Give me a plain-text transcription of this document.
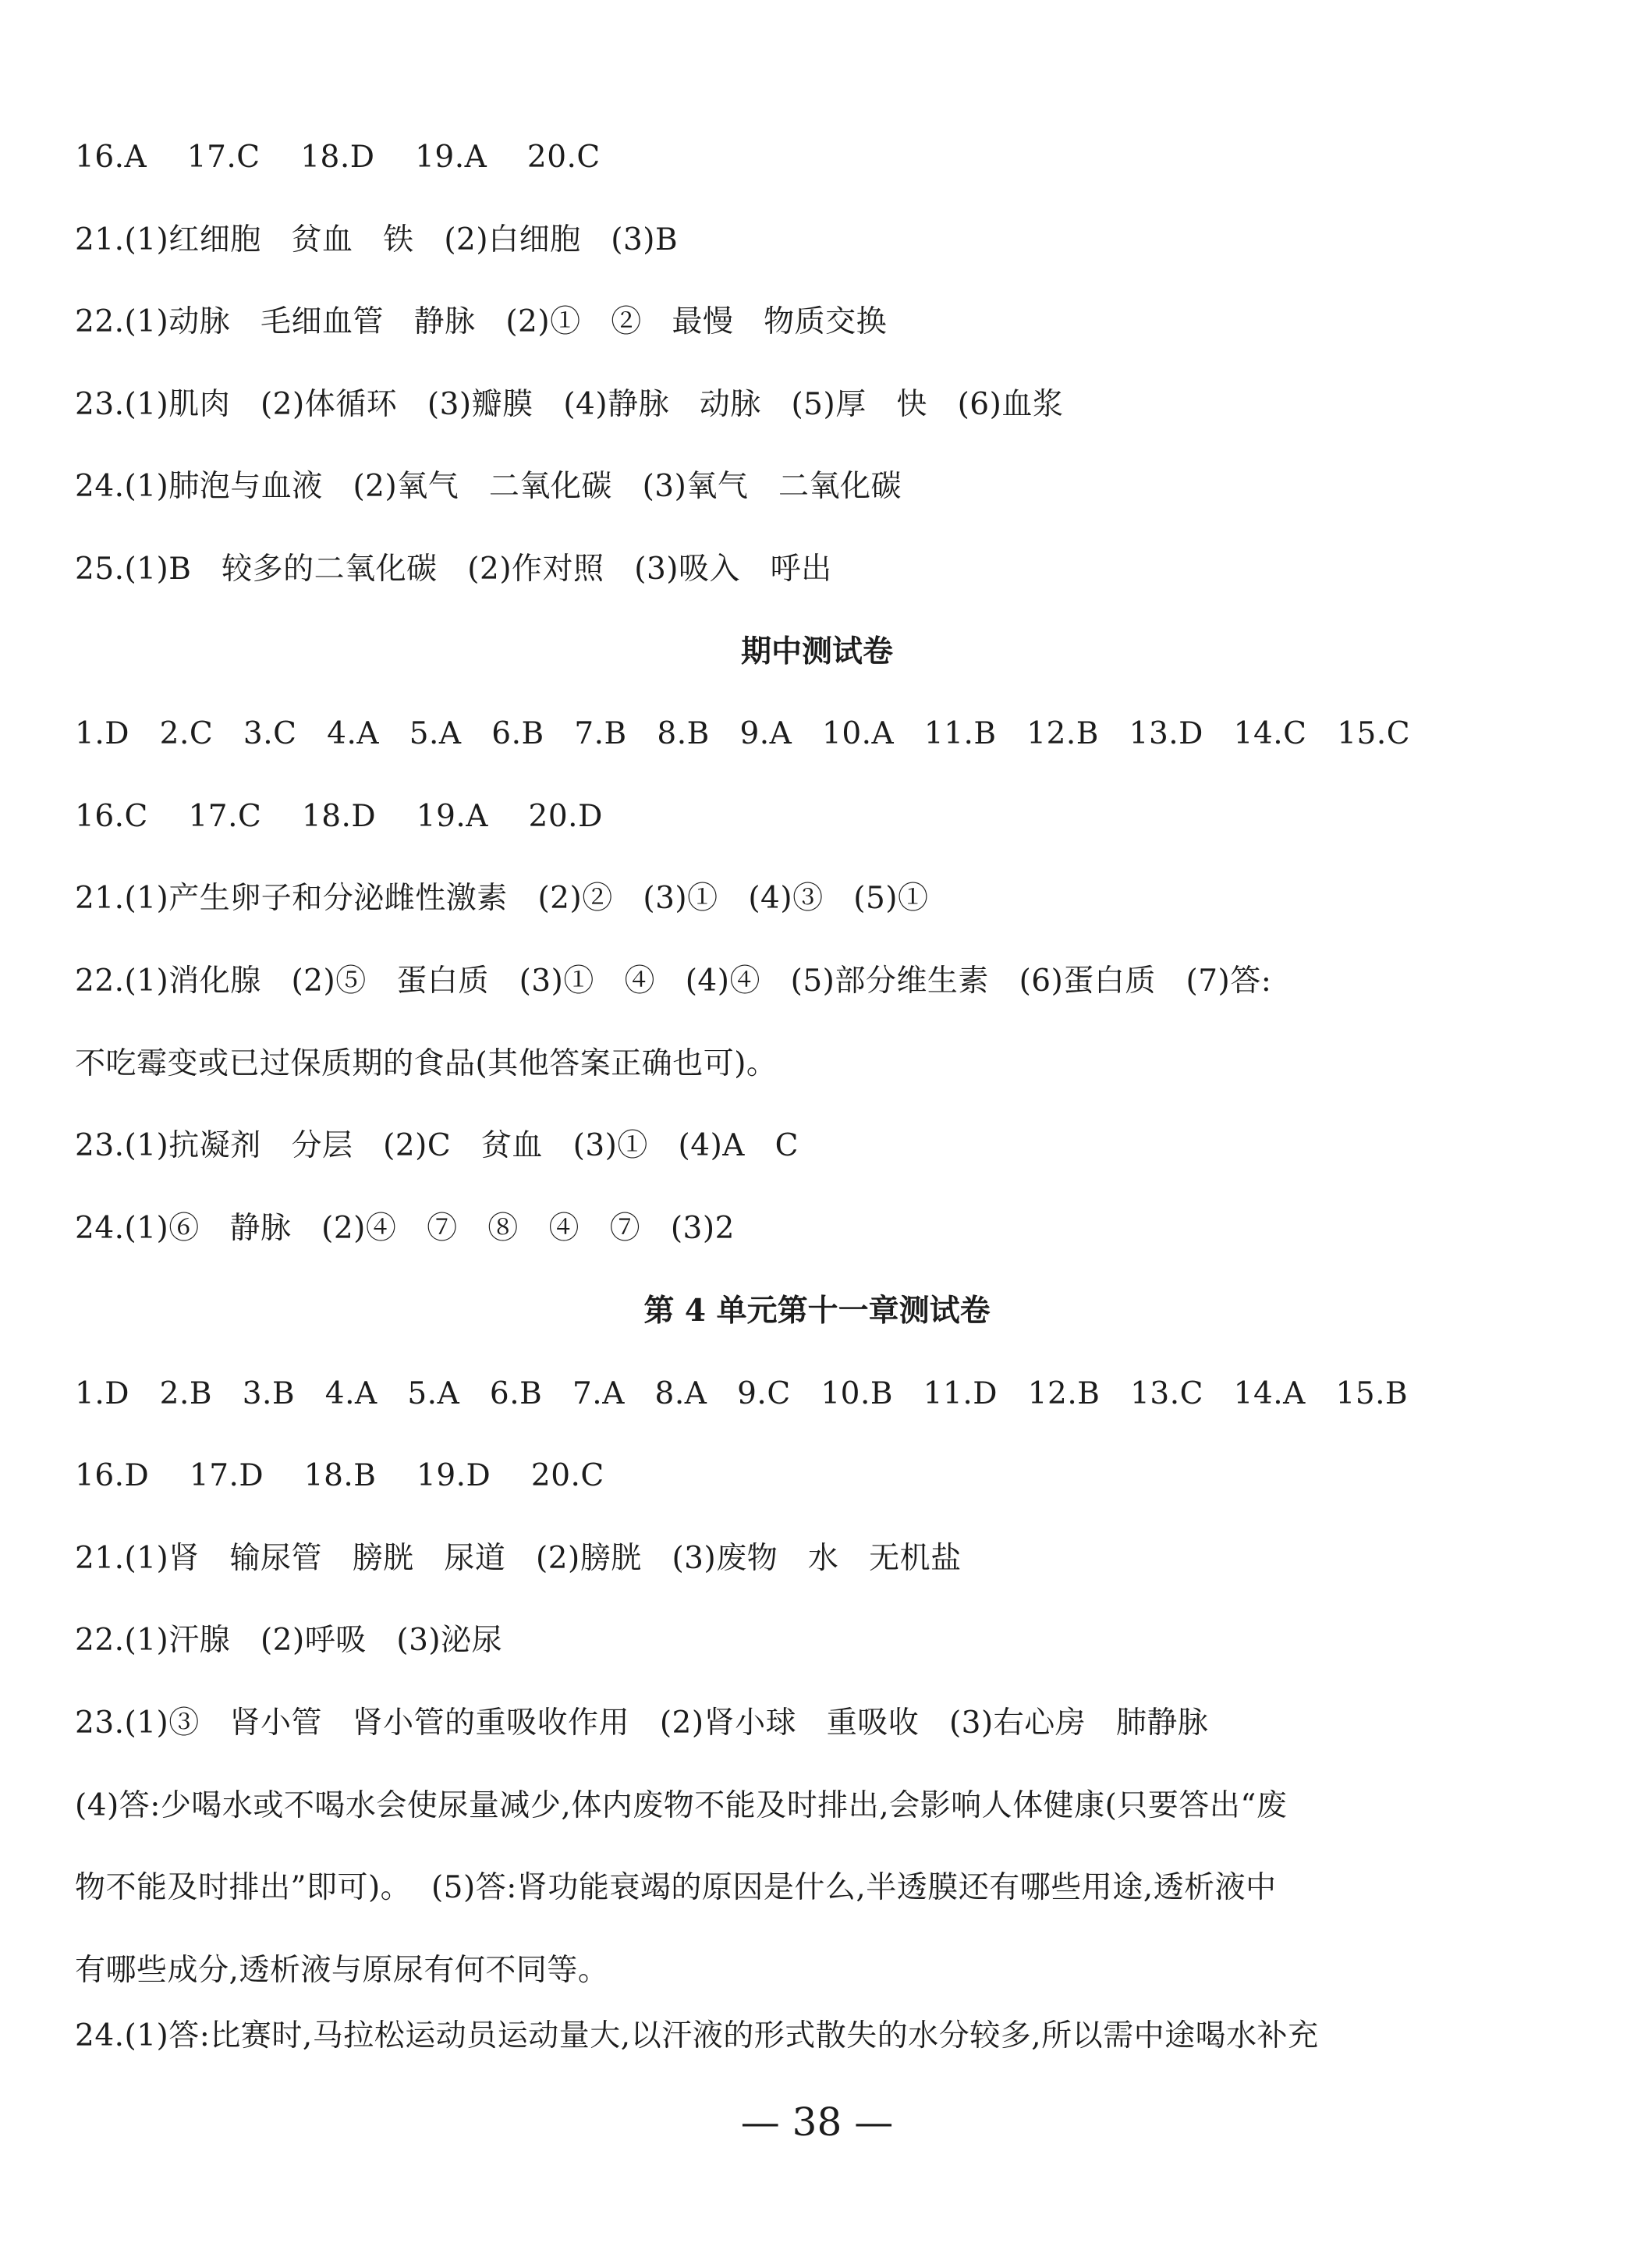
16.A    17.C    18.D    19.A    20.C
21.(1)红细胞   贫血   铁   (2)白细胞   (3)B
22.(1)动脉   毛细血管   静脉   (2)①   ②   最慢   物质交换
23.(1)肌肉   (2)体循环   (3)瓣膜   (4)静脉   动脉   (5)厚   快   (6)血浆
24.(1)肺泡与血液   (2)氧气   二氧化碳   (3)氧气   二氧化碳
25.(1)B   较多的二氧化碳   (2)作对照   (3)吸入   呼出
期中测试卷
1.D   2.C   3.C   4.A   5.A   6.B   7.B   8.B   9.A   10.A   11.B   12.B   13.D   14.C   15.C
16.C    17.C    18.D    19.A    20.D
21.(1)产生卵子和分泌雌性激素   (2)②   (3)①   (4)③   (5)①
22.(1)消化腺   (2)⑤   蛋白质   (3)①   ④   (4)④   (5)部分维生素   (6)蛋白质   (7)答:
不吃霉变或已过保质期的食品(其他答案正确也可)。
23.(1)抗凝剂   分层   (2)C   贫血   (3)①   (4)A   C
24.(1)⑥   静脉   (2)④   ⑦   ⑧   ④   ⑦   (3)2
第 4 单元第十一章测试卷
1.D   2.B   3.B   4.A   5.A   6.B   7.A   8.A   9.C   10.B   11.D   12.B   13.C   14.A   15.B
16.D    17.D    18.B    19.D    20.C
21.(1)肾   输尿管   膀胱   尿道   (2)膀胱   (3)废物   水   无机盐
22.(1)汗腺   (2)呼吸   (3)泌尿
23.(1)③   肾小管   肾小管的重吸收作用   (2)肾小球   重吸收   (3)右心房   肺静脉
(4)答:少喝水或不喝水会使尿量减少,体内废物不能及时排出,会影响人体健康(只要答出“废
物不能及时排出”即可)。  (5)答:肾功能衰竭的原因是什么,半透膜还有哪些用途,透析液中
有哪些成分,透析液与原尿有何不同等。
24.(1)答:比赛时,马拉松运动员运动量大,以汗液的形式散失的水分较多,所以需中途喝水补充
— 38 —
